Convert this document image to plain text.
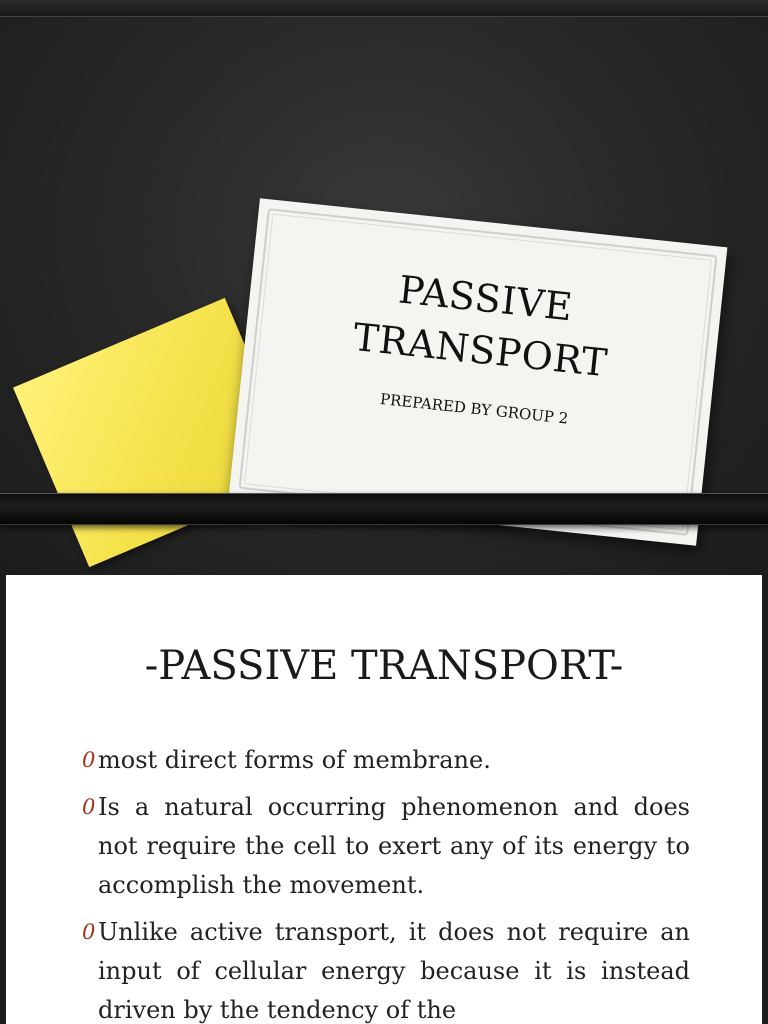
PASSIVE
TRANSPORT
PREPARED BY GROUP 2
-PASSIVE TRANSPORT-
0 most direct forms of membrane.
0 Is a natural occurring phenomenon and does not require the cell to exert any of its energy to accomplish the movement.
0 Unlike active transport, it does not require an input of cellular energy because it is instead driven by the tendency of the
